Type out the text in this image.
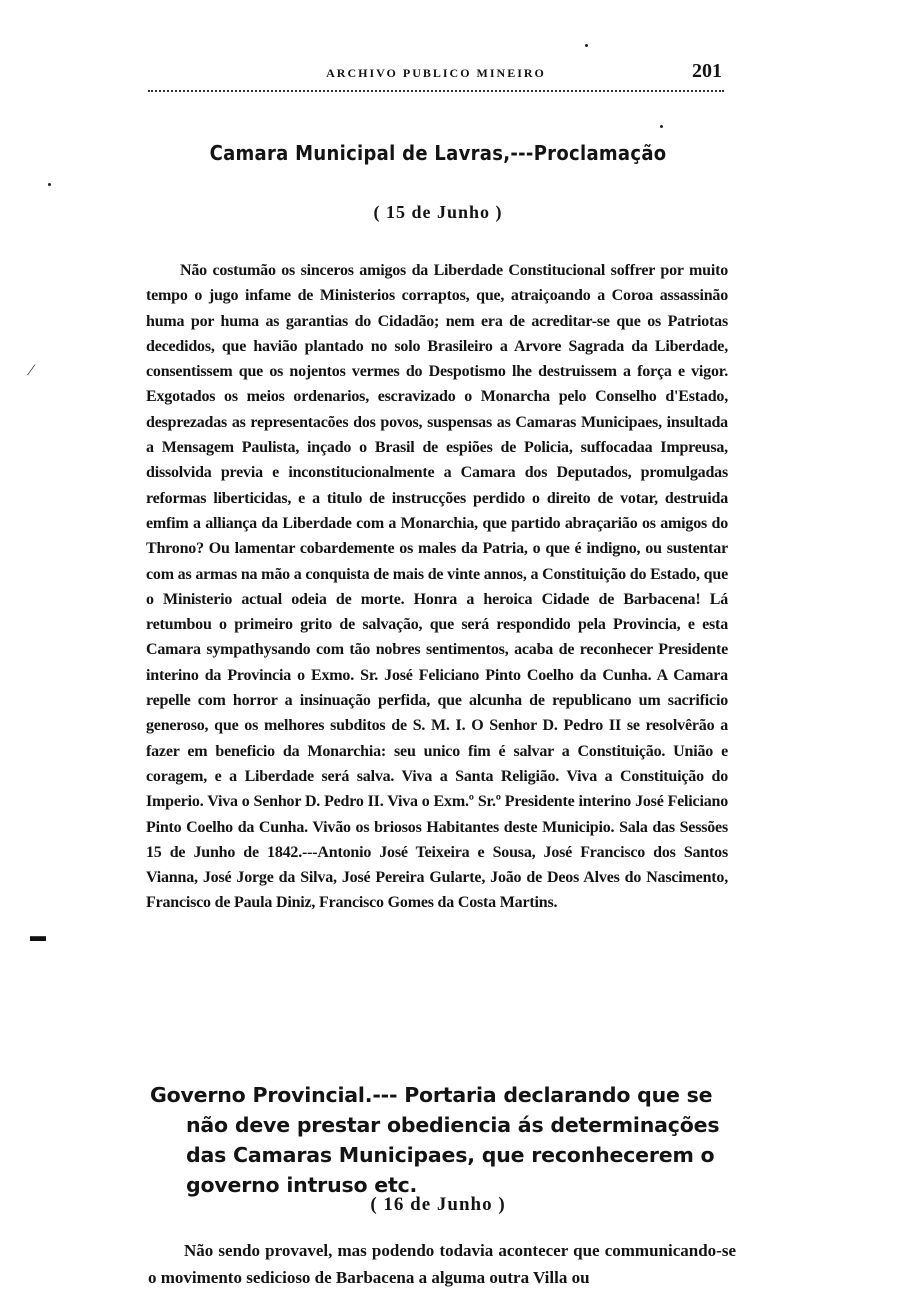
ARCHIVO PUBLICO MINEIRO	201
⁄
▬
Camara Municipal de Lavras,---Proclamação
( 15 de Junho )
Não costumão os sinceros amigos da Liberdade Constitucional soffrer por muito tempo o jugo infame de Ministerios corraptos, que, atraiçoando a Coroa assassinão huma por huma as garantias do Cidadão; nem era de acreditar-se que os Patriotas decedidos, que havião plantado no solo Brasileiro a Arvore Sagrada da Liberdade, consentissem que os nojentos vermes do Despotismo lhe destruissem a força e vigor. Exgotados os meios ordenarios, escravizado o Monarcha pelo Conselho d'Estado, desprezadas as representacões dos povos, suspensas as Camaras Municipaes, insultada a Mensagem Paulista, inçado o Brasil de espiões de Policia, suffocadaa Impreusa, dissolvida previa e inconstitucionalmente a Camara dos Deputados, promulgadas reformas liberticidas, e a titulo de instrucções perdido o direito de votar, destruida emfim a alliança da Liberdade com a Monarchia, que partido abraçarião os amigos do Throno? Ou lamentar cobardemente os males da Patria, o que é indigno, ou sustentar com as armas na mão a conquista de mais de vinte annos, a Constituição do Estado, que o Ministerio actual odeia de morte. Honra a heroica Cidade de Barbacena! Lá retumbou o primeiro grito de salvação, que será respondido pela Provincia, e esta Camara sympathysando com tão nobres sentimentos, acaba de reconhecer Presidente interino da Provincia o Exmo. Sr. José Feliciano Pinto Coelho da Cunha. A Camara repelle com horror a insinuação perfida, que alcunha de republicano um sacrificio generoso, que os melhores subditos de S. M. I. O Senhor D. Pedro II se resolvêrão a fazer em beneficio da Monarchia: seu unico fim é salvar a Constituição. União e coragem, e a Liberdade será salva. Viva a Santa Religião. Viva a Constituição do Imperio. Viva o Senhor D. Pedro II. Viva o Exm.º Sr.º Presidente interino José Feliciano Pinto Coelho da Cunha. Vivão os briosos Habitantes deste Municipio. Sala das Sessões 15 de Junho de 1842.---Antonio José Teixeira e Sousa, José Francisco dos Santos Vianna, José Jorge da Silva, José Pereira Gularte, João de Deos Alves do Nascimento, Francisco de Paula Diniz, Francisco Gomes da Costa Martins.
Governo Provincial.--- Portaria declarando que se não deve prestar obediencia ás determinações das Camaras Municipaes, que reconhecerem o governo intruso etc.
( 16 de Junho )
Não sendo provavel, mas podendo todavia acontecer que communicando-se o movimento sedicioso de Barbacena a alguma outra Villa ou
